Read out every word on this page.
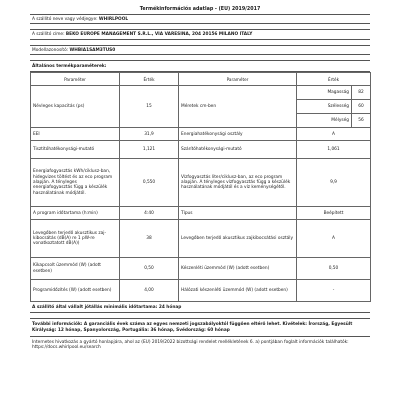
Termékinformációs adatlap - (EU) 2019/2017
A szállító neve vagy védjegye: WHIRLPOOL
A szállító címe: BEKO EUROPE MANAGEMENT S.R.L., VIA VARESINA, 204 20156 MILANO ITALY
Modellazonosító: WHBIA1SAM3TUS0
Általános termékparaméterek:
Paraméter	Érték	Paraméter	Érték
Névleges kapacitás (ps)	15	Méretek cm-ben	
Magasság	82
Szélesség	60
Mélység	56

EEI	31,9	Energiahatékonysági osztály	A
Tisztítóhatékonysági-mutató	1,121	Szárítóhatékonysági-mutató	1,061
Energiafogyasztás kWh/ciklusz-ban, hidegvizes töltést és az eco program alapján. A tényleges energiafogyasztás függ a készülék használatának módjától.	0,550	Vízfogyasztás liter/ciklusz-ban, az eco program alapján. A tényleges vízfogyasztás függ a készülék használatának módjától és a víz keménységétől.	9,9
A program időtartama (h:min)	4:40	Típus	Beépített
Levegőben terjedő akusztikus zaj-kibocsátás (dB(A) re 1 pW-re vonatkoztatott dB(A))	38	Levegőben terjedő akusztikus zajkibocsátási osztály	A
Kikapcsolt üzemmód (W) (adott esetben)	0,50	Készenléti üzemmód (W) (adott esetben)	0,50
Programidőzítés (W) (adott esetben)	4,00	Hálózati készenléti üzemmód (W) (adott esetben)	-
A szállító által vállalt jótállás minimális időtartama: 24 hónap
További információk: A garanciális évek száma az egyes nemzeti jogszabályoktól függően eltérő lehet. Kivételek: Írország, Egyesült Királyság: 12 hónap, Spanyolország, Portugália: 36 hónap, Svédország: 60 hónap
Internetes hivatkozás a gyártó honlapjára, ahol az (EU) 2019/2022 bizottsági rendelet mellékletének 6. a) pontjában foglalt információk találhatók: https://docs.whirlpool.eu/search
